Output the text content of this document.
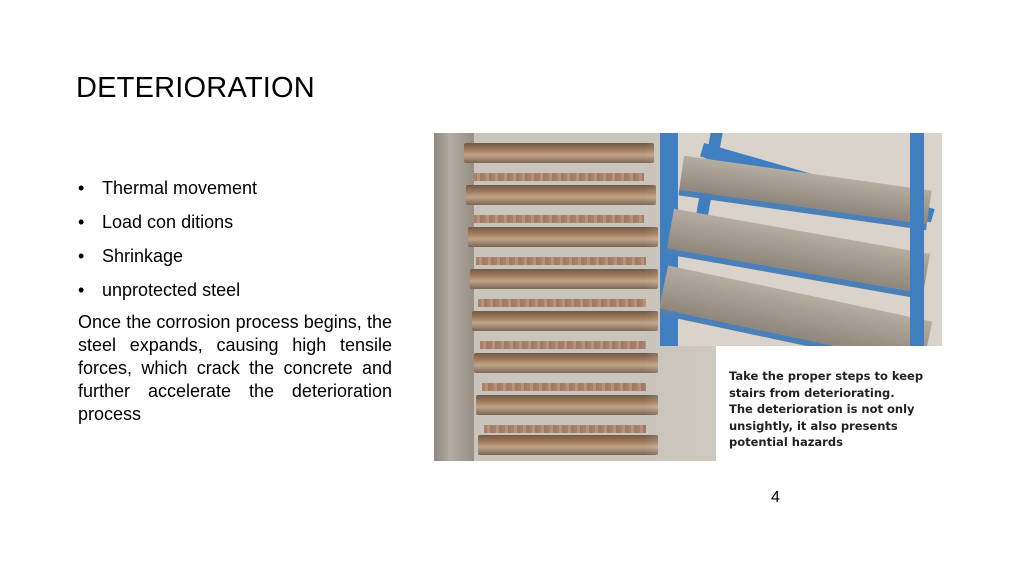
DETERIORATION
• Thermal movement
• Load con ditions
• Shrinkage
• unprotected steel

Once the corrosion process begins, the steel expands, causing high tensile forces, which crack the concrete and further accelerate the deterioration process

Take the proper steps to keep
stairs from deteriorating.
The deterioration is not only
unsightly, it also presents
potential hazards
4
